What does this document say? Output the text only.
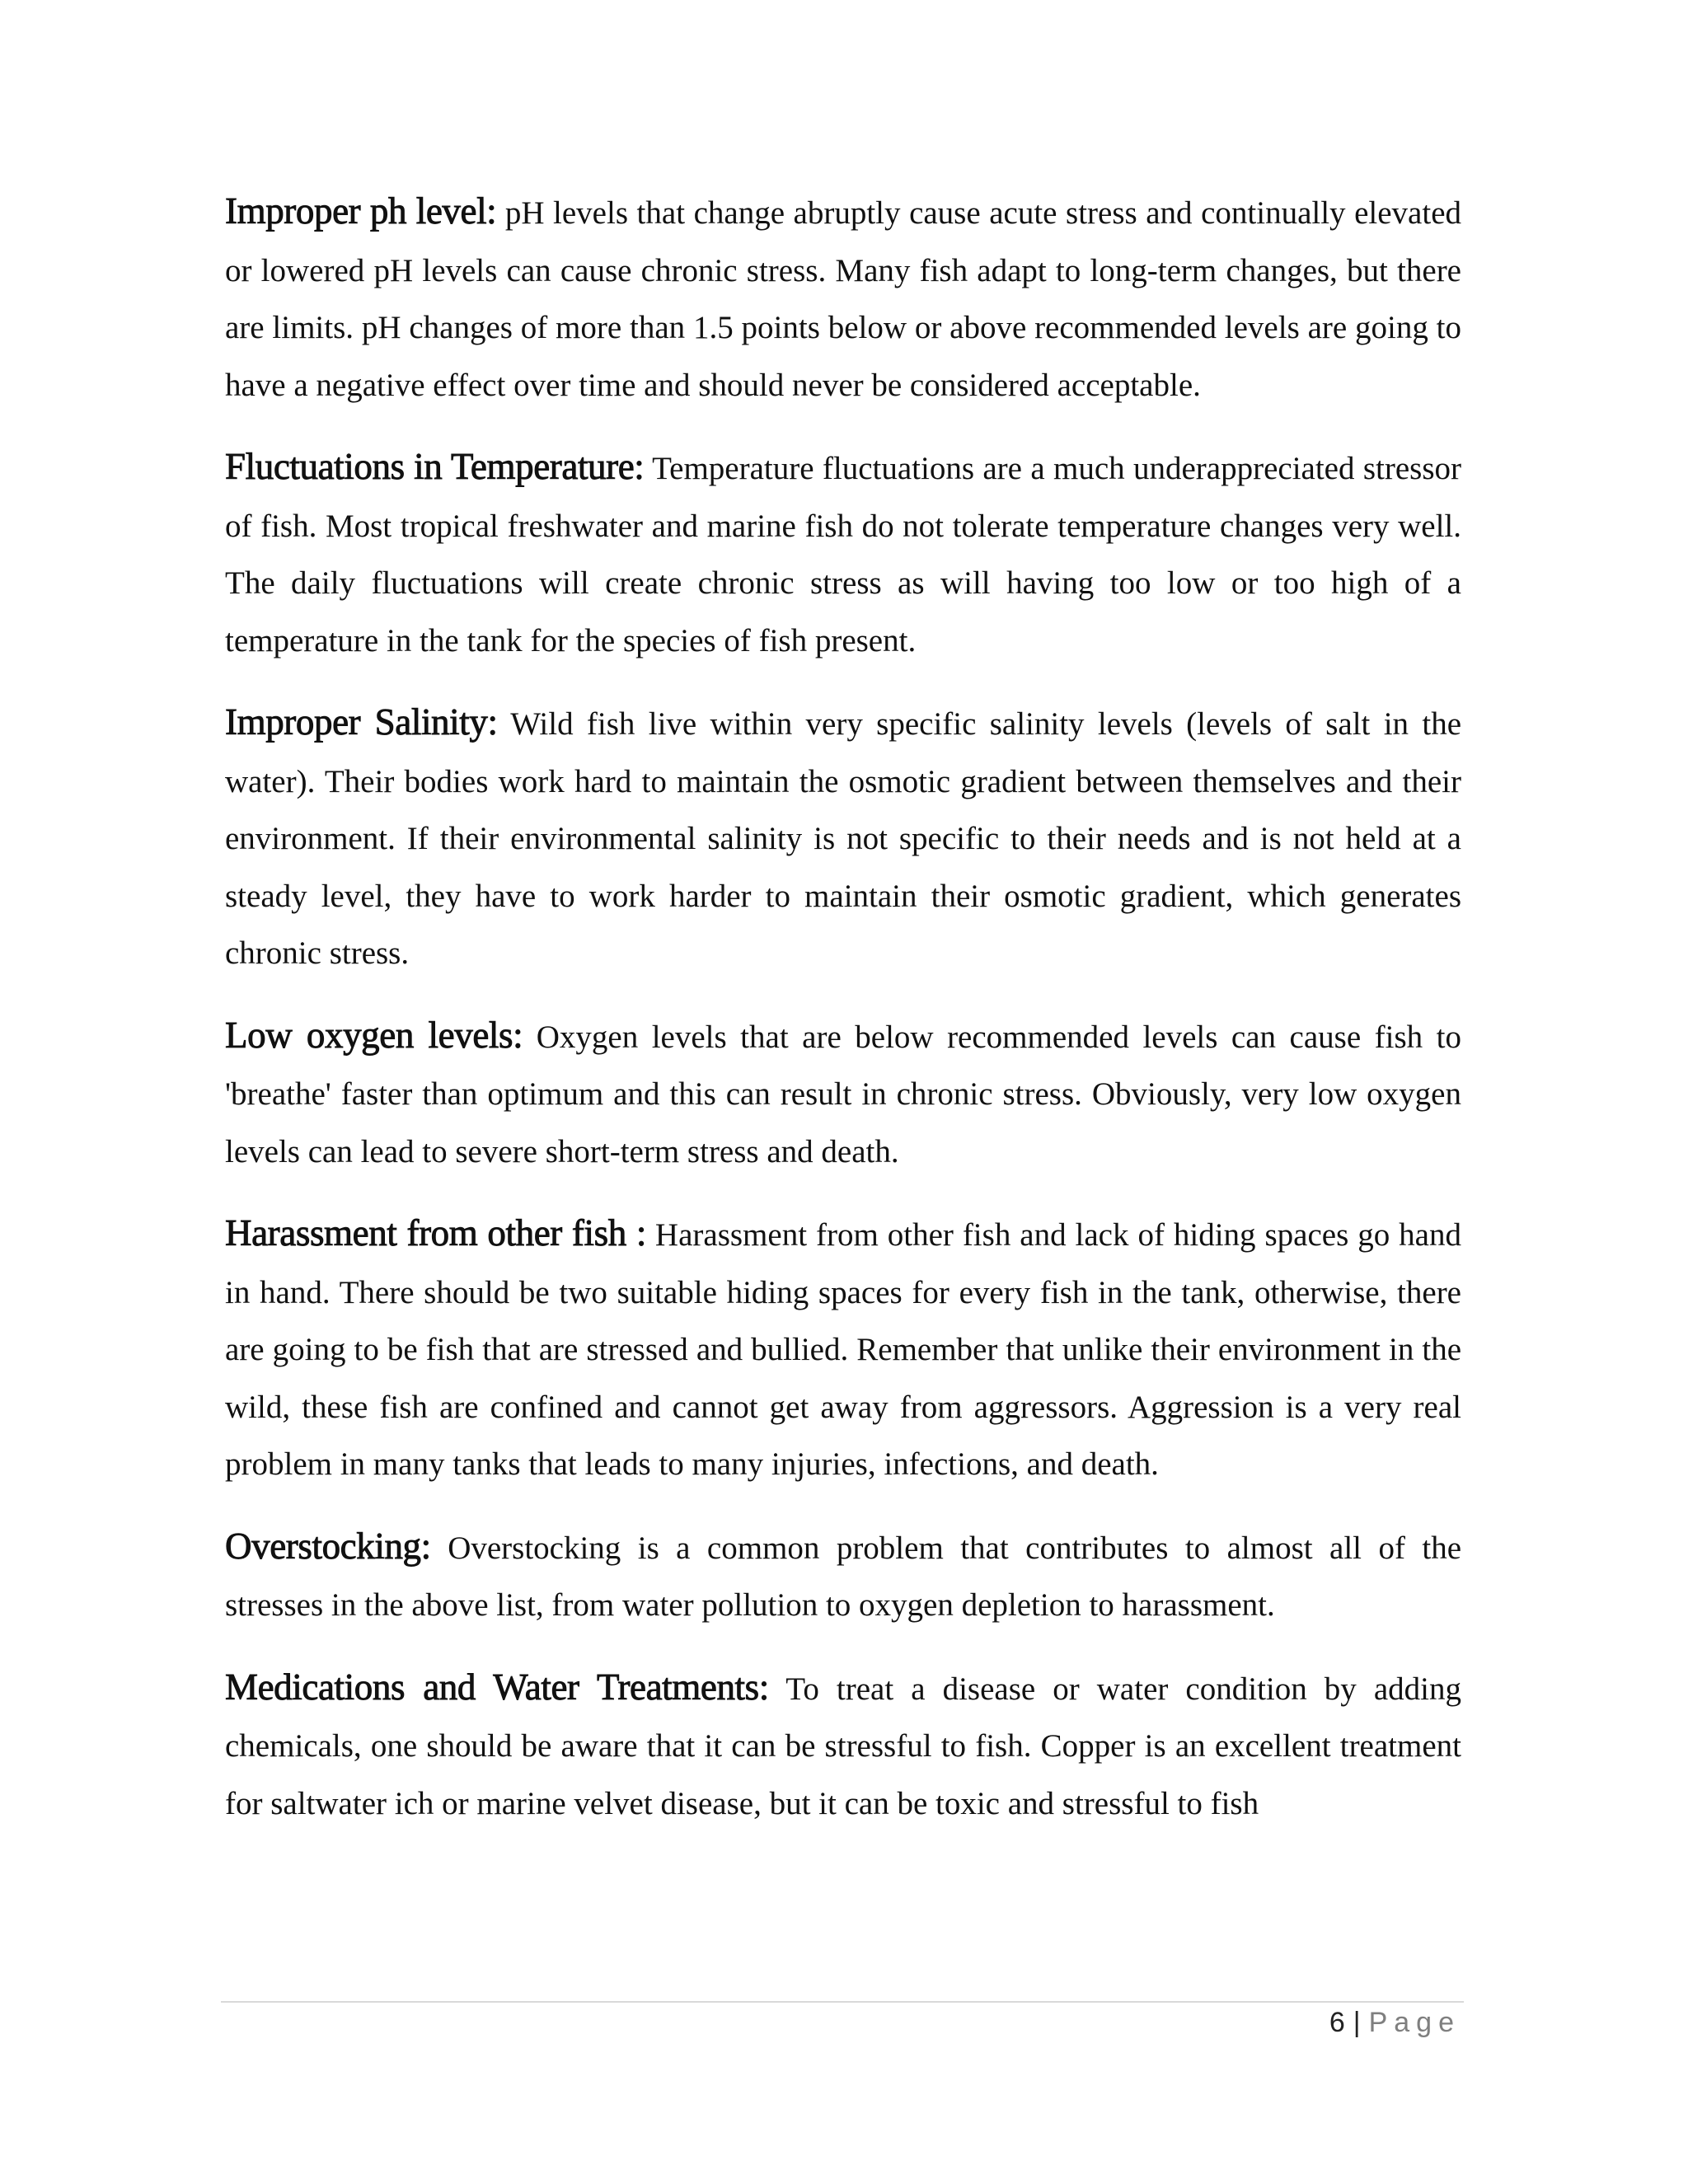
Improper ph level: pH levels that change abruptly cause acute stress and continually elevated or lowered pH levels can cause chronic stress. Many fish adapt to long-term changes, but there are limits. pH changes of more than 1.5 points below or above recommended levels are going to have a negative effect over time and should never be considered acceptable.

Fluctuations in Temperature: Temperature fluctuations are a much underappreciated stressor of fish. Most tropical freshwater and marine fish do not tolerate temperature changes very well. The daily fluctuations will create chronic stress as will having too low or too high of a temperature in the tank for the species of fish present.

Improper Salinity: Wild fish live within very specific salinity levels (levels of salt in the water). Their bodies work hard to maintain the osmotic gradient between themselves and their environment. If their environmental salinity is not specific to their needs and is not held at a steady level, they have to work harder to maintain their osmotic gradient, which generates chronic stress.

Low oxygen levels: Oxygen levels that are below recommended levels can cause fish to 'breathe' faster than optimum and this can result in chronic stress. Obviously, very low oxygen levels can lead to severe short-term stress and death.

Harassment from other fish : Harassment from other fish and lack of hiding spaces go hand in hand. There should be two suitable hiding spaces for every fish in the tank, otherwise, there are going to be fish that are stressed and bullied. Remember that unlike their environment in the wild, these fish are confined and cannot get away from aggressors. Aggression is a very real problem in many tanks that leads to many injuries, infections, and death.

Overstocking: Overstocking is a common problem that contributes to almost all of the stresses in the above list, from water pollution to oxygen depletion to harassment.

Medications and Water Treatments: To treat a disease or water condition by adding chemicals, one should be aware that it can be stressful to fish. Copper is an excellent treatment for saltwater ich or marine velvet disease, but it can be toxic and stressful to fish

6 | Page
